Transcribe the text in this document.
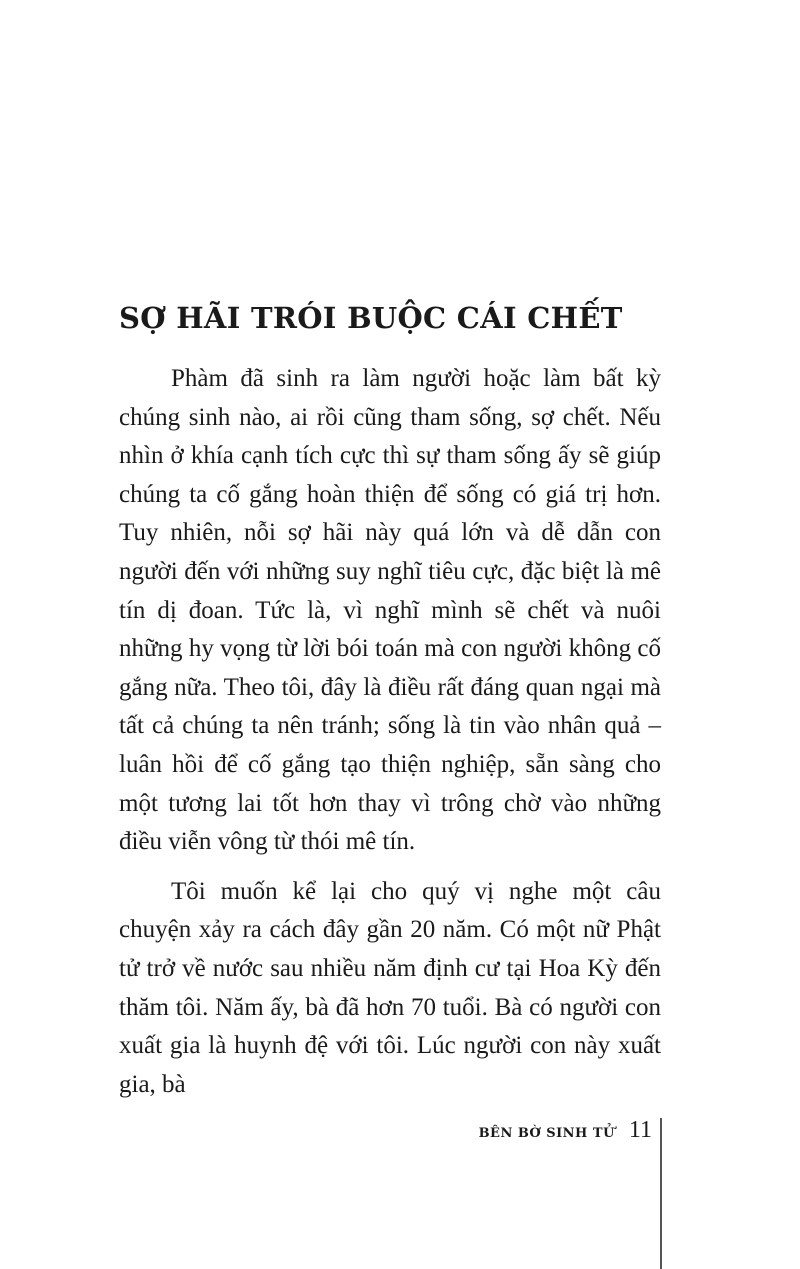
SỢ HÃI TRÓI BUỘC CÁI CHẾT

Phàm đã sinh ra làm người hoặc làm bất kỳ chúng sinh nào, ai rồi cũng tham sống, sợ chết. Nếu nhìn ở khía cạnh tích cực thì sự tham sống ấy sẽ giúp chúng ta cố gắng hoàn thiện để sống có giá trị hơn. Tuy nhiên, nỗi sợ hãi này quá lớn và dễ dẫn con người đến với những suy nghĩ tiêu cực, đặc biệt là mê tín dị đoan. Tức là, vì nghĩ mình sẽ chết và nuôi những hy vọng từ lời bói toán mà con người không cố gắng nữa. Theo tôi, đây là điều rất đáng quan ngại mà tất cả chúng ta nên tránh; sống là tin vào nhân quả – luân hồi để cố gắng tạo thiện nghiệp, sẵn sàng cho một tương lai tốt hơn thay vì trông chờ vào những điều viễn vông từ thói mê tín.

Tôi muốn kể lại cho quý vị nghe một câu chuyện xảy ra cách đây gần 20 năm. Có một nữ Phật tử trở về nước sau nhiều năm định cư tại Hoa Kỳ đến thăm tôi. Năm ấy, bà đã hơn 70 tuổi. Bà có người con xuất gia là huynh đệ với tôi. Lúc người con này xuất gia, bà

BÊN BỜ SINH TỬ 11
